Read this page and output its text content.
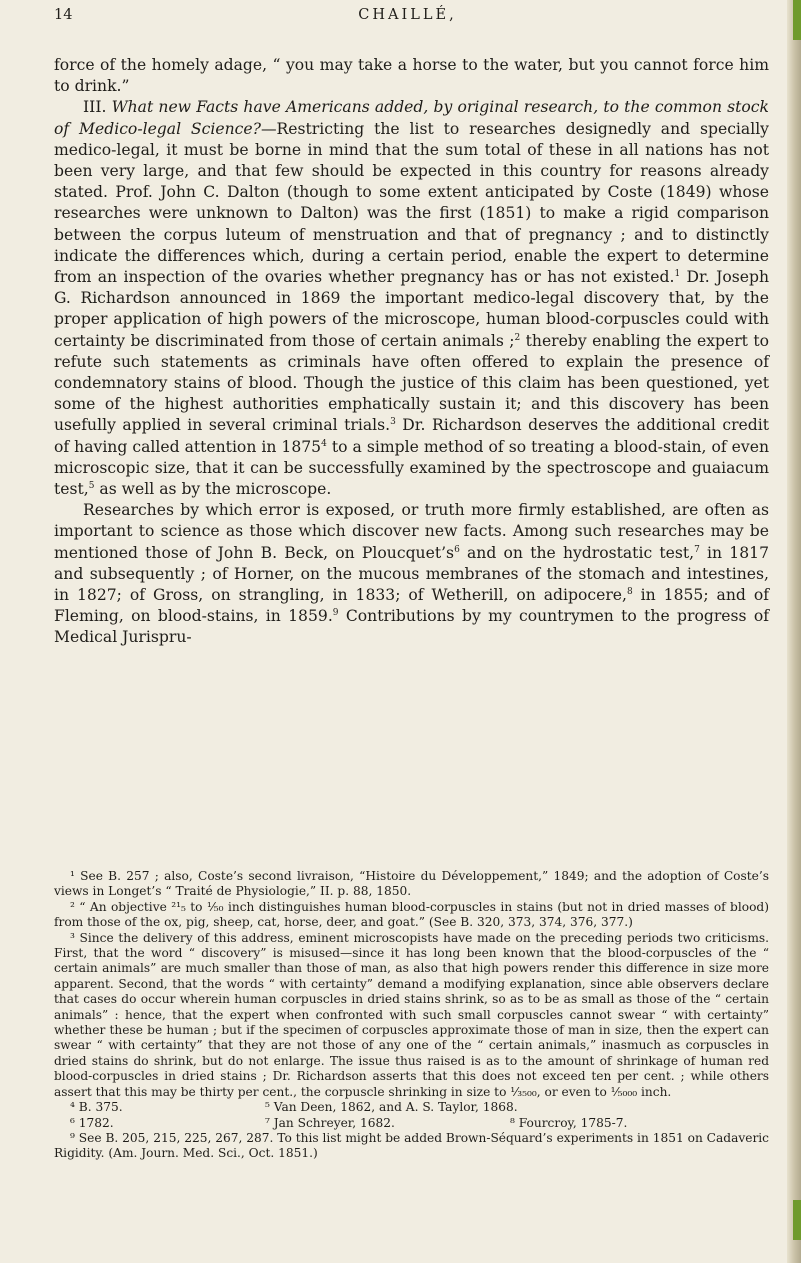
14	CHAILLÉ,

force of the homely adage, “ you may take a horse to the water, but you cannot force him to drink.”

III. What new Facts have Americans added, by original research, to the common stock of Medico-legal Science?—Restricting the list to researches designedly and specially medico-legal, it must be borne in mind that the sum total of these in all nations has not been very large, and that few should be expected in this country for reasons already stated. Prof. John C. Dalton (though to some extent anticipated by Coste (1849) whose researches were unknown to Dalton) was the first (1851) to make a rigid comparison between the corpus luteum of menstruation and that of pregnancy ; and to distinctly indicate the differences which, during a certain period, enable the expert to determine from an inspection of the ovaries whether pregnancy has or has not existed.$^1$ Dr. Joseph G. Richardson announced in 1869 the important medico-legal discovery that, by the proper application of high powers of the microscope, human blood-corpuscles could with certainty be discriminated from those of certain animals ;$^2$ thereby enabling the expert to refute such statements as criminals have often offered to explain the presence of condemnatory stains of blood. Though the justice of this claim has been questioned, yet some of the highest authorities emphatically sustain it; and this discovery has been usefully applied in several criminal trials.$^3$ Dr. Richardson deserves the additional credit of having called attention in 1875$^4$ to a simple method of so treating a blood-stain, of even microscopic size, that it can be successfully examined by the spectroscope and guaiacum test,$^5$ as well as by the microscope.

Researches by which error is exposed, or truth more firmly established, are often as important to science as those which discover new facts. Among such researches may be mentioned those of John B. Beck, on $Ploucquet’s^6$ and on the hydrostatic test,$^7$ in 1817 and subsequently ; of Horner, on the mucous membranes of the stomach and intestines, in 1827; of Gross, on strangling, in 1833; of Wetherill, on adipocere,$^8$ in 1855; and of Fleming, on blood-stains, in 1859.$^9$ Contributions by my countrymen to the progress of Medical Jurispru-

¹ See B. 257 ; also, Coste’s second livraison, “Histoire du Développement,” 1849; and the adoption of Coste’s views in Longet’s “ Traité de Physiologie,” II. p. 88, 1850.

² “ An objective ²¹₅ to ⅟₅₀ inch distinguishes human blood-corpuscles in stains (but not in dried masses of blood) from those of the ox, pig, sheep, cat, horse, deer, and goat.” (See B. 320, 373, 374, 376, 377.)

³ Since the delivery of this address, eminent microscopists have made on the preceding periods two criticisms. First, that the word “ discovery” is misused—since it has long been known that the blood-corpuscles of the “ certain animals” are much smaller than those of man, as also that high powers render this difference in size more apparent. Second, that the words “ with certainty” demand a modifying explanation, since able observers declare that cases do occur wherein human corpuscles in dried stains shrink, so as to be as small as those of the “ certain animals” : hence, that the expert when confronted with such small corpuscles cannot swear “ with certainty” whether these be human ; but if the specimen of corpuscles approximate those of man in size, then the expert can swear “ with certainty” that they are not those of any one of the “ certain animals,” inasmuch as corpuscles in dried stains do shrink, but do not enlarge. The issue thus raised is as to the amount of shrinkage of human red blood-corpuscles in dried stains ; Dr. Richardson asserts that this does not exceed ten per cent. ; while others assert that this may be thirty per cent., the corpuscle shrinking in size to ⅟₃₅₀₀, or even to ⅟₅₀₀₀ inch.

⁴ B. 375.	⁵ Van Deen, 1862, and A. S. Taylor, 1868.
⁶ 1782.	⁷ Jan Schreyer, 1682.	⁸ Fourcroy, 1785-7.

⁹ See B. 205, 215, 225, 267, 287. To this list might be added Brown-Séquard’s experiments in 1851 on Cadaveric Rigidity. (Am. Journ. Med. Sci., Oct. 1851.)
